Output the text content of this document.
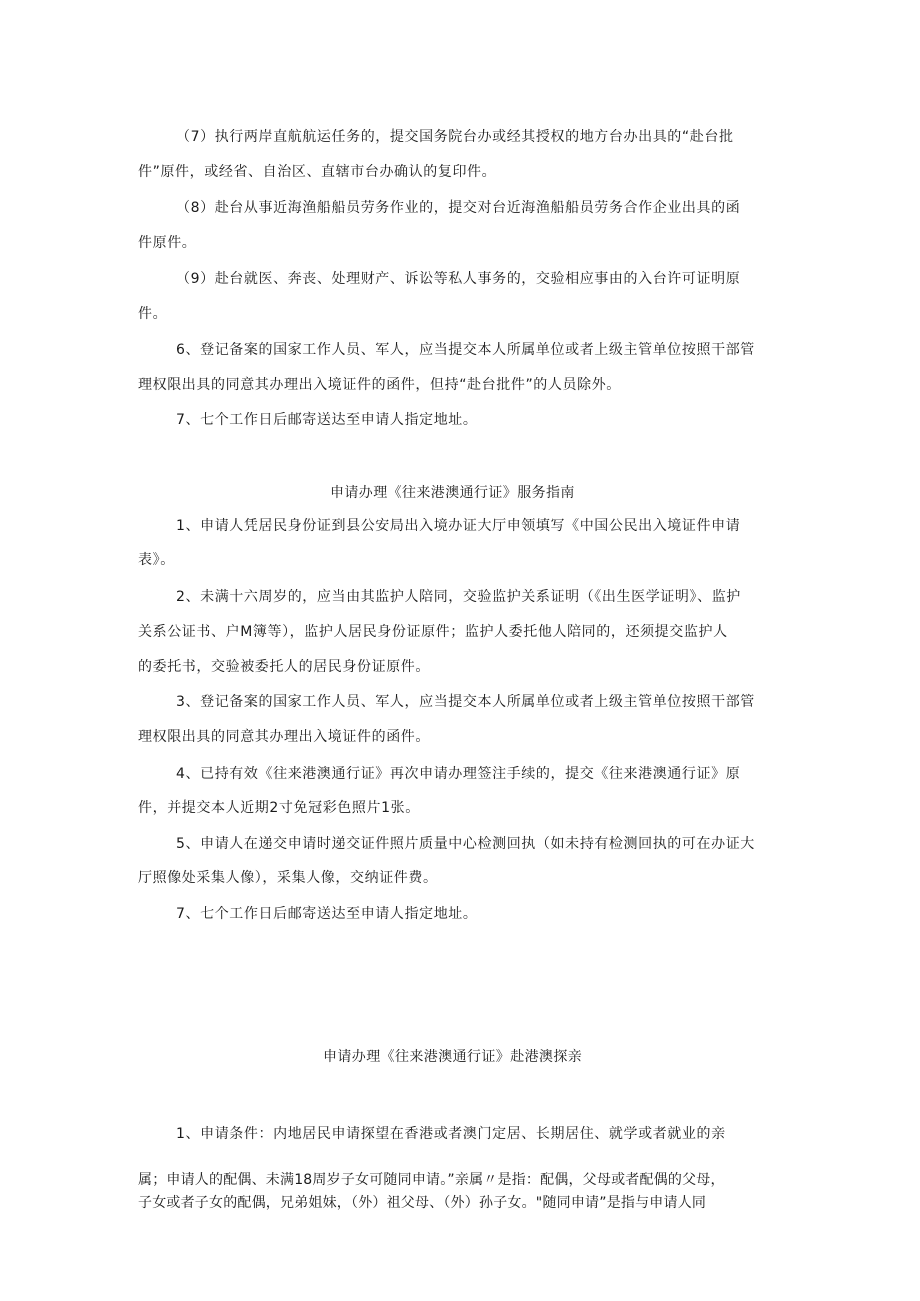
（7）执行两岸直航航运任务的，提交国务院台办或经其授权的地方台办出具的“赴台批
件”原件，或经省、自治区、直辖市台办确认的复印件。
（8）赴台从事近海渔船船员劳务作业的，提交对台近海渔船船员劳务合作企业出具的函
件原件。
（9）赴台就医、奔丧、处理财产、诉讼等私人事务的，交验相应事由的入台许可证明原
件。
6、登记备案的国家工作人员、军人，应当提交本人所属单位或者上级主管单位按照干部管
理权限出具的同意其办理出入境证件的函件，但持“赴台批件”的人员除外。
7、七个工作日后邮寄送达至申请人指定地址。
申请办理《往来港澳通行证》服务指南
1、申请人凭居民身份证到县公安局出入境办证大厅申领填写《中国公民出入境证件申请
表》。
2、未满十六周岁的，应当由其监护人陪同，交验监护关系证明（《出生医学证明》、监护
关系公证书、户M簿等），监护人居民身份证原件；监护人委托他人陪同的，还须提交监护人
的委托书，交验被委托人的居民身份证原件。
3、登记备案的国家工作人员、军人，应当提交本人所属单位或者上级主管单位按照干部管
理权限出具的同意其办理出入境证件的函件。
4、已持有效《往来港澳通行证》再次申请办理签注手续的，提交《往来港澳通行证》原
件，并提交本人近期2寸免冠彩色照片1张。
5、申请人在递交申请时递交证件照片质量中心检测回执（如未持有检测回执的可在办证大
厅照像处采集人像），采集人像，交纳证件费。
7、七个工作日后邮寄送达至申请人指定地址。
申请办理《往来港澳通行证》赴港澳探亲
1、申请条件：内地居民申请探望在香港或者澳门定居、长期居住、就学或者就业的亲
属；申请人的配偶、未满18周岁子女可随同申请。”亲属〃是指：配偶，父母或者配偶的父母，
子女或者子女的配偶，兄弟姐妹，（外）祖父母、（外）孙子女。"随同申请”是指与申请人同
